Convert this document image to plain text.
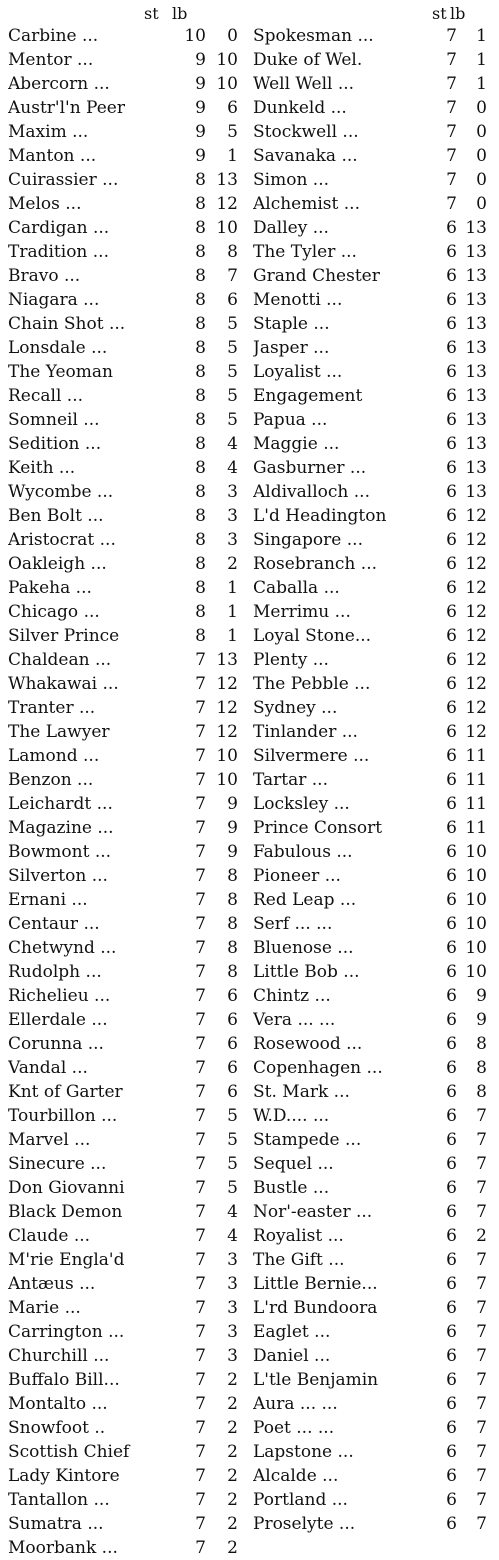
st lb	st lb
Carbine ...	10	0
Mentor ...	9 10
Abercorn ...	9 10
Austr'l'n Peer	9	6
Maxim ...	9	5
Manton ...	9	1
Cuirassier ...	8 13
Melos ...	8 12
Cardigan ...	8 10
Tradition ...	8	8
Bravo ...	8	7
Niagara ...	8	6
Chain Shot ...	8	5
Lonsdale ...	8	5
The Yeoman	8	5
Recall ...	8	5
Somneil ...	8	5
Sedition ...	8	4
Keith ...	8	4
Wycombe ...	8	3
Ben Bolt ...	8	3
Aristocrat ...	8	3
Oakleigh ...	8	2
Pakeha ...	8	1
Chicago ...	8	1
Silver Prince	8	1
Chaldean ...	7 13
Whakawai ...	7 12
Tranter ...	7 12
The Lawyer	7 12
Lamond ...	7 10
Benzon ...	7 10
Leichardt ...	7	9
Magazine ...	7	9
Bowmont ...	7	9
Silverton ...	7	8
Ernani ...	7	8
Centaur ...	7	8
Chetwynd ...	7	8
Rudolph ...	7	8
Richelieu ...	7	6
Ellerdale ...	7	6
Corunna ...	7	6
Vandal ...	7	6
Knt of Garter	7	6
Tourbillon ...	7	5
Marvel ...	7	5
Sinecure ...	7	5
Don Giovanni	7	5
Black Demon	7	4
Claude ...	7	4
M'rie Engla'd	7	3
Antæus ...	7	3
Marie ...	7	3
Carrington ...	7	3
Churchill ...	7	3
Buffalo Bill...	7	2
Montalto ...	7	2
Snowfoot ..	7	2
Scottish Chief	7	2
Lady Kintore	7	2
Tantallon ...	7	2
Sumatra ...	7	2
Moorbank ...	7	2
Spokesman ...	7	1
Duke of Wel.	7	1
Well Well ...	7	1
Dunkeld ...	7	0
Stockwell ...	7	0
Savanaka ...	7	0
Simon ...	7	0
Alchemist ...	7	0
Dalley ...	6 13
The Tyler ...	6 13
Grand Chester	6 13
Menotti ...	6 13
Staple ...	6 13
Jasper ...	6 13
Loyalist ...	6 13
Engagement	6 13
Papua ...	6 13
Maggie ...	6 13
Gasburner ...	6 13
Aldivalloch ...	6 13
L'd Headington	6 12
Singapore ...	6 12
Rosebranch ...	6 12
Caballa ...	6 12
Merrimu ...	6 12
Loyal Stone...	6 12
Plenty ...	6 12
The Pebble ...	6 12
Sydney ...	6 12
Tinlander ...	6 12
Silvermere ...	6 11
Tartar ...	6 11
Locksley ...	6 11
Prince Consort	6 11
Fabulous ...	6 10
Pioneer ...	6 10
Red Leap ...	6 10
Serf ... ...	6 10
Bluenose ...	6 10
Little Bob ...	6 10
Chintz ...	6	9
Vera ... ...	6	9
Rosewood ...	6	8
Copenhagen ...	6	8
St. Mark ...	6	8
W.D.... ...	6	7
Stampede ...	6	7
Sequel ...	6	7
Bustle ...	6	7
Nor'-easter ...	6	7
Royalist ...	6	2
The Gift ...	6	7
Little Bernie...	6	7
L'rd Bundoora	6	7
Eaglet ...	6	7
Daniel ...	6	7
L'tle Benjamin	6	7
Aura ... ...	6	7
Poet ... ...	6	7
Lapstone ...	6	7
Alcalde ...	6	7
Portland ...	6	7
Proselyte ...	6	7
